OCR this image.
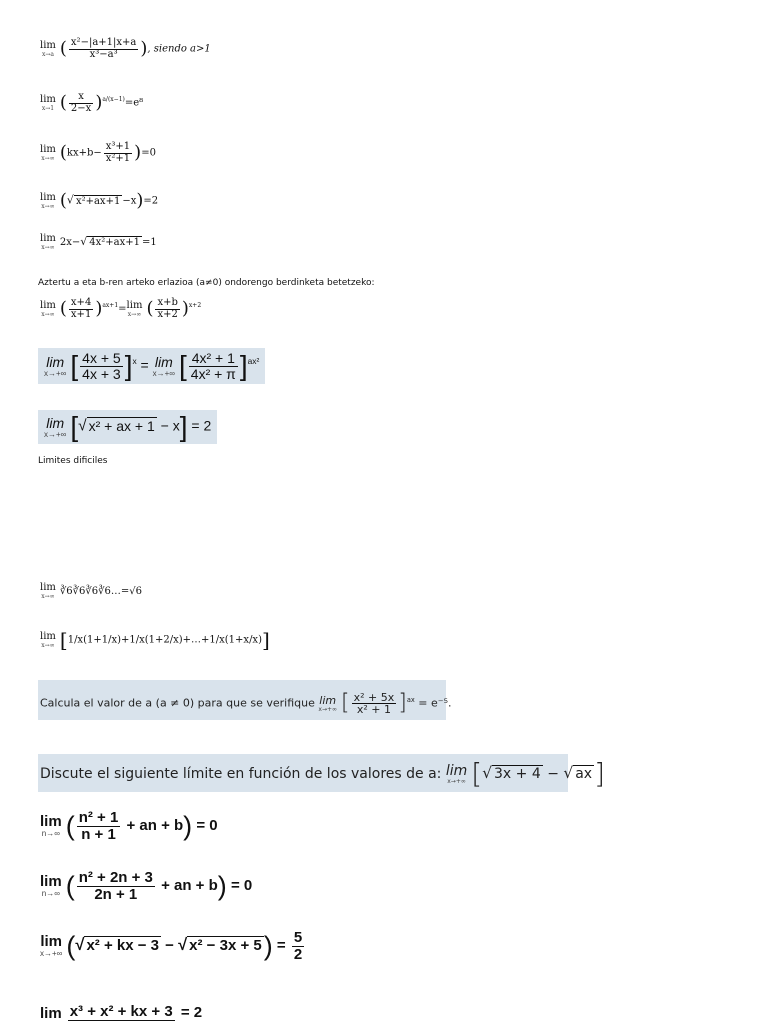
lim
x→a ( $\frac{\text{x²−|a+1|x+a}}{\text{x³−a³}}$ ), siendo a>1
lim
x→1 ( $\frac{x}{2-x} )^{a/(x-1)}=e^8$
lim
x→∞ $(kx+b- \frac{\text{x³+1}}{\text{x²+1}} )=0$
lim
x→∞ (√ x²+ax+1 −x)=2
lim
x→∞ 2x−√ 4x²+ax+1 =1
Aztertu a eta b-ren arteko erlazioa (a≠0) ondorengo berdinketa betetzeko:
lim
x→∞ ( $\frac{x+4}{x+1} )^{ax+1}=\lim$
x→∞ ( $\frac{x+b}{x+2} )^{x+2}$
lim
x→+∞ [ $\frac{4x + 5}{4x + 3} ]^x = \lim$
x→+∞ [ $\frac{\text{4x² + 1}}{\text{4x² + π}} ]^{ax^2}$
lim
x→+∞ [√ x² + ax + 1 − x] = 2
Limites dificiles
lim
x→∞ ∛6∛6∛6∛6…=√6
lim
x→∞ [1/x(1+1/x)+1/x(1+2/x)+…+1/x(1+x/x)]
Calcula el valor de a (a ≠ 0) para que se verifique lim
x→+∞ [ $\frac{\text{x² + 5x}}{\text{x² + 1}} ]^{ax} = e^{-5}$.
Discute el siguiente límite en función de los valores de a: lim
x→+∞ [√ 3x + 4 − √ ax]
lim
n→∞ ( $\frac{\text{n² + 1}}{n + 1}$ + an + b) = 0
lim
n→∞ ( $\frac{\text{n² + 2n + 3}}{2n + 1}$ + an + b) = 0
lim
x→+∞ (√ x² + kx − 3 − √ $x^2 - 3x + 5) = \frac{5}{2}$
lim x³ + x² + kx + 3 = 2
